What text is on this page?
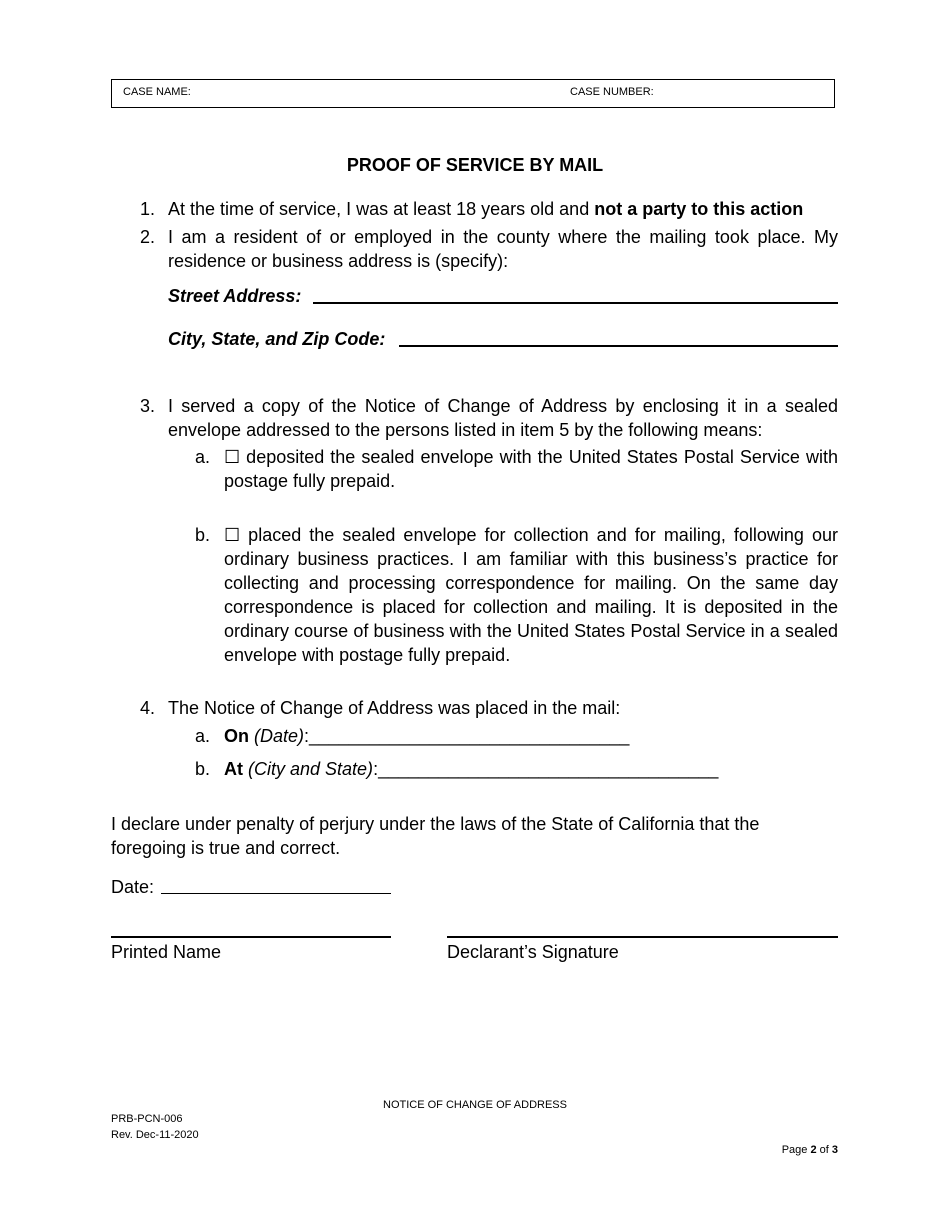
CASE NAME:	CASE NUMBER:
PROOF OF SERVICE BY MAIL
1. At the time of service, I was at least 18 years old and not a party to this action
2. I am a resident of or employed in the county where the mailing took place. My residence or business address is (specify):
Street Address:
City, State, and Zip Code:
3. I served a copy of the Notice of Change of Address by enclosing it in a sealed envelope addressed to the persons listed in item 5 by the following means:
a. ☐ deposited the sealed envelope with the United States Postal Service with postage fully prepaid.
b. ☐ placed the sealed envelope for collection and for mailing, following our ordinary business practices. I am familiar with this business’s practice for collecting and processing correspondence for mailing. On the same day correspondence is placed for collection and mailing. It is deposited in the ordinary course of business with the United States Postal Service in a sealed envelope with postage fully prepaid.
4. The Notice of Change of Address was placed in the mail:
a. On (Date):________________________________
b. At (City and State):__________________________________
I declare under penalty of perjury under the laws of the State of California that the foregoing is true and correct.
Date:
Printed Name	Declarant’s Signature
NOTICE OF CHANGE OF ADDRESS
PRB-PCN-006
Rev. Dec-11-2020
Page 2 of 3
